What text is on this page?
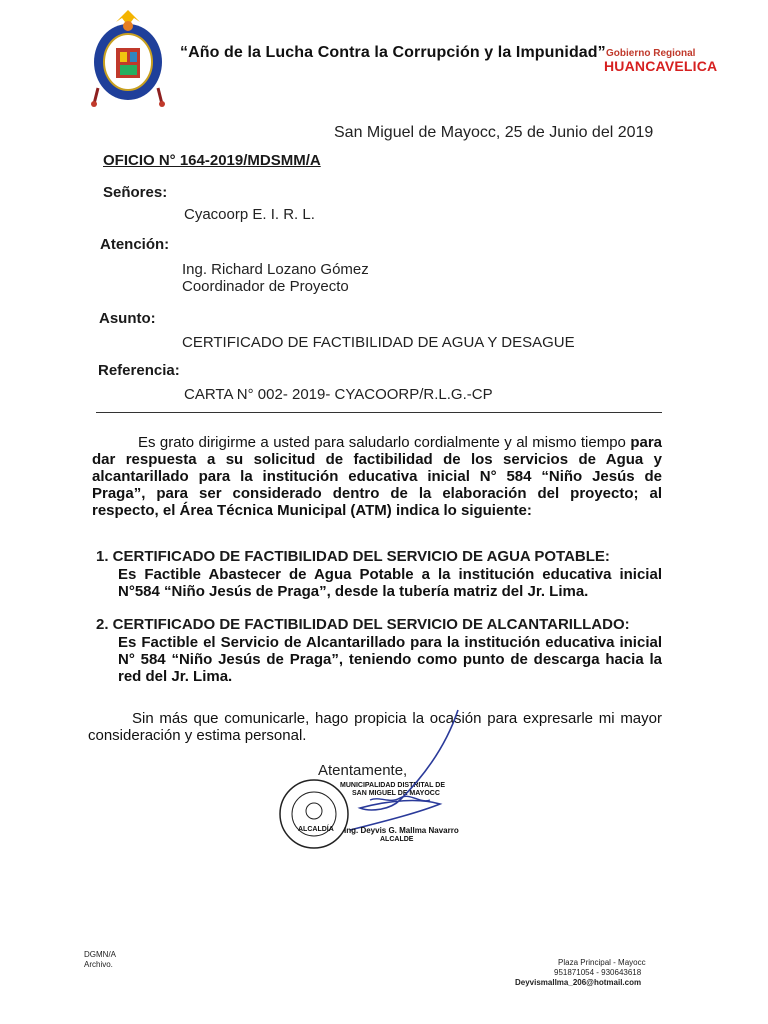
“Año de la Lucha Contra la Corrupción y la Impunidad” Gobierno Regional
HUANCAVELICA
San Miguel de Mayocc, 25 de Junio del 2019
OFICIO N° 164-2019/MDSMM/A
Señores:
Cyacoorp E. I. R. L.
Atención:
Ing. Richard Lozano Gómez
Coordinador de Proyecto
Asunto:
CERTIFICADO DE FACTIBILIDAD DE AGUA Y DESAGUE
Referencia:
CARTA N° 002- 2019- CYACOORP/R.L.G.-CP
Es grato dirigirme a usted para saludarlo cordialmente y al mismo tiempo para dar respuesta a su solicitud de factibilidad de los servicios de Agua y alcantarillado para la institución educativa inicial N° 584 “Niño Jesús de Praga”, para ser considerado dentro de la elaboración del proyecto; al respecto, el Área Técnica Municipal (ATM) indica lo siguiente:
1. CERTIFICADO DE FACTIBILIDAD DEL SERVICIO DE AGUA POTABLE:
Es Factible Abastecer de Agua Potable a la institución educativa inicial N°584 “Niño Jesús de Praga”, desde la tubería matriz del Jr. Lima.
2. CERTIFICADO DE FACTIBILIDAD DEL SERVICIO DE ALCANTARILLADO:
Es Factible el Servicio de Alcantarillado para la institución educativa inicial N° 584 “Niño Jesús de Praga”, teniendo como punto de descarga hacia la red del Jr. Lima.
Sin más que comunicarle, hago propicia la ocasión para expresarle mi mayor consideración y estima personal.
Atentamente,
ALCALDÍA
MUNICIPALIDAD DISTRITAL DE
SAN MIGUEL DE MAYOCC
Ing. Deyvis G. Mallma Navarro
ALCALDE
DGMN/A
Archivo.	Plaza Principal - Mayocc
951871054 - 930643618
Deyvismallma_206@hotmail.com
